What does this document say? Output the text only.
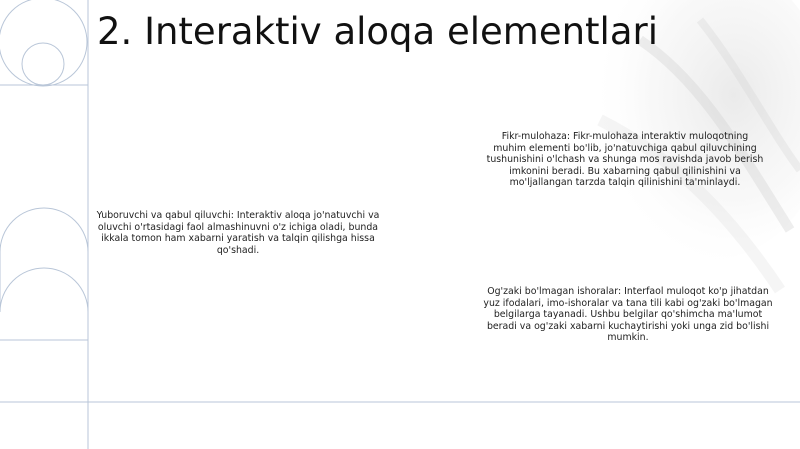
2. Interaktiv aloqa elementlari

Fikr-mulohaza: Fikr-mulohaza interaktiv muloqotning muhim elementi bo'lib, jo'natuvchiga qabul qiluvchining tushunishini o'lchash va shunga mos ravishda javob berish imkonini beradi. Bu xabarning qabul qilinishini va mo'ljallangan tarzda talqin qilinishini ta'minlaydi.

Yuboruvchi va qabul qiluvchi: Interaktiv aloqa jo'natuvchi va oluvchi o'rtasidagi faol almashinuvni o'z ichiga oladi, bunda ikkala tomon ham xabarni yaratish va talqin qilishga hissa qo'shadi.

Og'zaki bo'lmagan ishoralar: Interfaol muloqot ko'p jihatdan yuz ifodalari, imo-ishoralar va tana tili kabi og'zaki bo'lmagan belgilarga tayanadi. Ushbu belgilar qo'shimcha ma'lumot beradi va og'zaki xabarni kuchaytirishi yoki unga zid bo'lishi mumkin.
